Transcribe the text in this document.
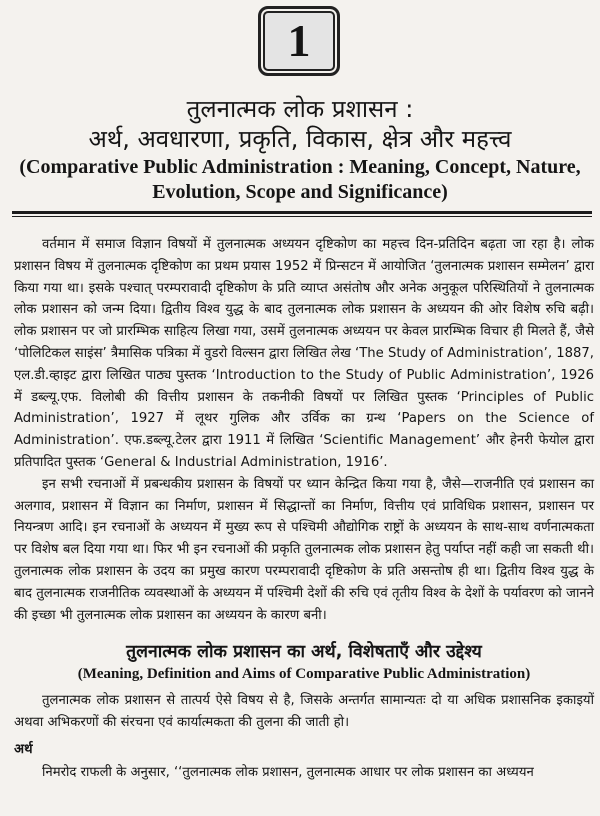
1
तुलनात्मक लोक प्रशासन :
अर्थ, अवधारणा, प्रकृति, विकास, क्षेत्र और महत्त्व
(Comparative Public Administration : Meaning, Concept, Nature, Evolution, Scope and Significance)

वर्तमान में समाज विज्ञान विषयों में तुलनात्मक अध्ययन दृष्टिकोण का महत्त्व दिन-प्रतिदिन बढ़ता जा रहा है। लोक प्रशासन विषय में तुलनात्मक दृष्टिकोण का प्रथम प्रयास 1952 में प्रिन्सटन में आयोजित ‘तुलनात्मक प्रशासन सम्मेलन’ द्वारा किया गया था। इसके पश्चात् परम्परावादी दृष्टिकोण के प्रति व्याप्त असंतोष और अनेक अनुकूल परिस्थितियों ने तुलनात्मक लोक प्रशासन को जन्म दिया। द्वितीय विश्व युद्ध के बाद तुलनात्मक लोक प्रशासन के अध्ययन की ओर विशेष रुचि बढ़ी। लोक प्रशासन पर जो प्रारम्भिक साहित्य लिखा गया, उसमें तुलनात्मक अध्ययन पर केवल प्रारम्भिक विचार ही मिलते हैं, जैसे ‘पोलिटिकल साइंस’ त्रैमासिक पत्रिका में वुडरो विल्सन द्वारा लिखित लेख ‘The Study of Administration’, 1887, एल.डी.व्हाइट द्वारा लिखित पाठ्य पुस्तक ‘Introduction to the Study of Public Administration’, 1926 में डब्ल्यू.एफ. विलोबी की वित्तीय प्रशासन के तकनीकी विषयों पर लिखित पुस्तक ‘Principles of Public Administration’, 1927 में लूथर गुलिक और उर्विक का ग्रन्थ ‘Papers on the Science of Administration’. एफ.डब्ल्यू.टेलर द्वारा 1911 में लिखित ‘Scientific Management’ और हेनरी फेयोल द्वारा प्रतिपादित पुस्तक ‘General & Industrial Administration, 1916’.

इन सभी रचनाओं में प्रबन्धकीय प्रशासन के विषयों पर ध्यान केन्द्रित किया गया है, जैसे—राजनीति एवं प्रशासन का अलगाव, प्रशासन में विज्ञान का निर्माण, प्रशासन में सिद्धान्तों का निर्माण, वित्तीय एवं प्राविधिक प्रशासन, प्रशासन पर नियन्त्रण आदि। इन रचनाओं के अध्ययन में मुख्य रूप से पश्चिमी औद्योगिक राष्ट्रों के अध्ययन के साथ-साथ वर्णनात्मकता पर विशेष बल दिया गया था। फिर भी इन रचनाओं की प्रकृति तुलनात्मक लोक प्रशासन हेतु पर्याप्त नहीं कही जा सकती थी। तुलनात्मक लोक प्रशासन के उदय का प्रमुख कारण परम्परावादी दृष्टिकोण के प्रति असन्तोष ही था। द्वितीय विश्व युद्ध के बाद तुलनात्मक राजनीतिक व्यवस्थाओं के अध्ययन में पश्चिमी देशों की रुचि एवं तृतीय विश्व के देशों के पर्यावरण को जानने की इच्छा भी तुलनात्मक लोक प्रशासन का अध्ययन के कारण बनी।

तुलनात्मक लोक प्रशासन का अर्थ, विशेषताएँ और उद्देश्य
(Meaning, Definition and Aims of Comparative Public Administration)

तुलनात्मक लोक प्रशासन से तात्पर्य ऐसे विषय से है, जिसके अन्तर्गत सामान्यतः दो या अधिक प्रशासनिक इकाइयों अथवा अभिकरणों की संरचना एवं कार्यात्मकता की तुलना की जाती हो।

अर्थ

निमरोद राफली के अनुसार, ‘‘तुलनात्मक लोक प्रशासन, तुलनात्मक आधार पर लोक प्रशासन का अध्ययन
